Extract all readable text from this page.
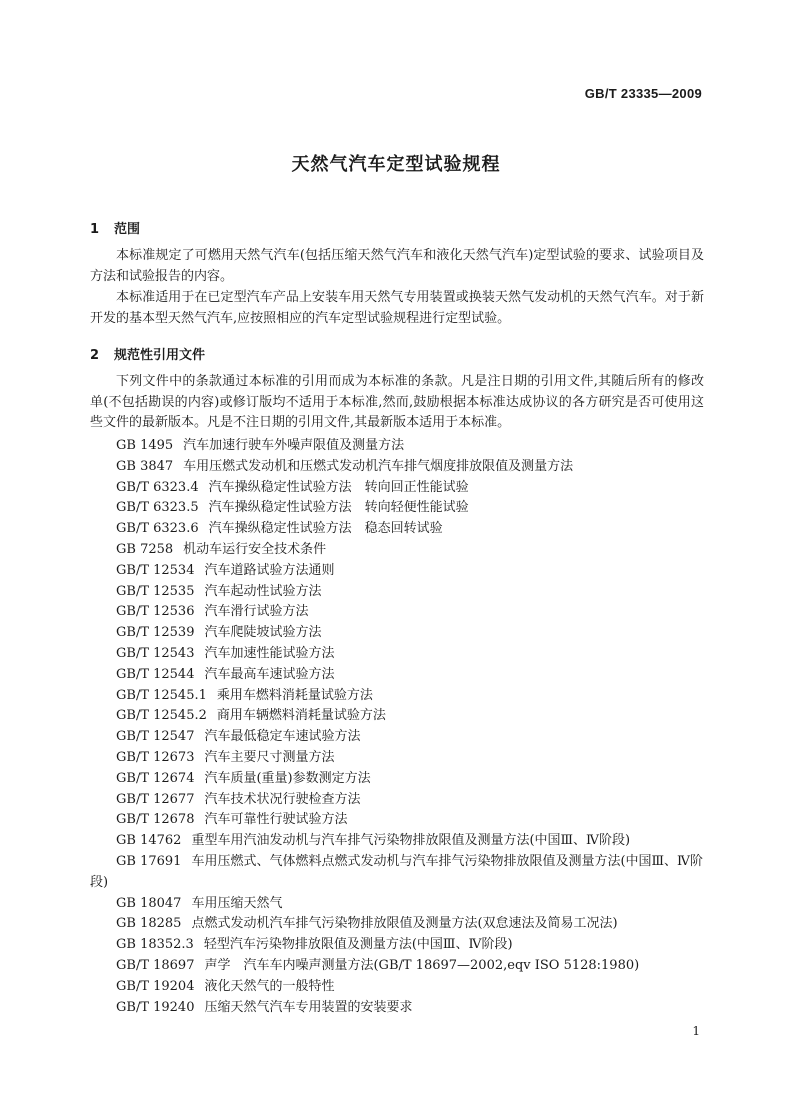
GB/T 23335—2009
天然气汽车定型试验规程
1 范围
本标准规定了可燃用天然气汽车(包括压缩天然气汽车和液化天然气汽车)定型试验的要求、试验项目及方法和试验报告的内容。
本标准适用于在已定型汽车产品上安装车用天然气专用装置或换装天然气发动机的天然气汽车。对于新开发的基本型天然气汽车,应按照相应的汽车定型试验规程进行定型试验。
2 规范性引用文件
下列文件中的条款通过本标准的引用而成为本标准的条款。凡是注日期的引用文件,其随后所有的修改单(不包括勘误的内容)或修订版均不适用于本标准,然而,鼓励根据本标准达成协议的各方研究是否可使用这些文件的最新版本。凡是不注日期的引用文件,其最新版本适用于本标准。
GB 1495 汽车加速行驶车外噪声限值及测量方法
GB 3847 车用压燃式发动机和压燃式发动机汽车排气烟度排放限值及测量方法
GB/T 6323.4 汽车操纵稳定性试验方法　转向回正性能试验
GB/T 6323.5 汽车操纵稳定性试验方法　转向轻便性能试验
GB/T 6323.6 汽车操纵稳定性试验方法　稳态回转试验
GB 7258 机动车运行安全技术条件
GB/T 12534 汽车道路试验方法通则
GB/T 12535 汽车起动性试验方法
GB/T 12536 汽车滑行试验方法
GB/T 12539 汽车爬陡坡试验方法
GB/T 12543 汽车加速性能试验方法
GB/T 12544 汽车最高车速试验方法
GB/T 12545.1 乘用车燃料消耗量试验方法
GB/T 12545.2 商用车辆燃料消耗量试验方法
GB/T 12547 汽车最低稳定车速试验方法
GB/T 12673 汽车主要尺寸测量方法
GB/T 12674 汽车质量(重量)参数测定方法
GB/T 12677 汽车技术状况行驶检查方法
GB/T 12678 汽车可靠性行驶试验方法
GB 14762 重型车用汽油发动机与汽车排气污染物排放限值及测量方法(中国Ⅲ、Ⅳ阶段)
GB 17691 车用压燃式、气体燃料点燃式发动机与汽车排气污染物排放限值及测量方法(中国Ⅲ、Ⅳ阶段)
GB 18047 车用压缩天然气
GB 18285 点燃式发动机汽车排气污染物排放限值及测量方法(双怠速法及简易工况法)
GB 18352.3 轻型汽车污染物排放限值及测量方法(中国Ⅲ、Ⅳ阶段)
GB/T 18697 声学　汽车车内噪声测量方法(GB/T 18697—2002,eqv ISO 5128:1980)
GB/T 19204 液化天然气的一般特性
GB/T 19240 压缩天然气汽车专用装置的安装要求
1
